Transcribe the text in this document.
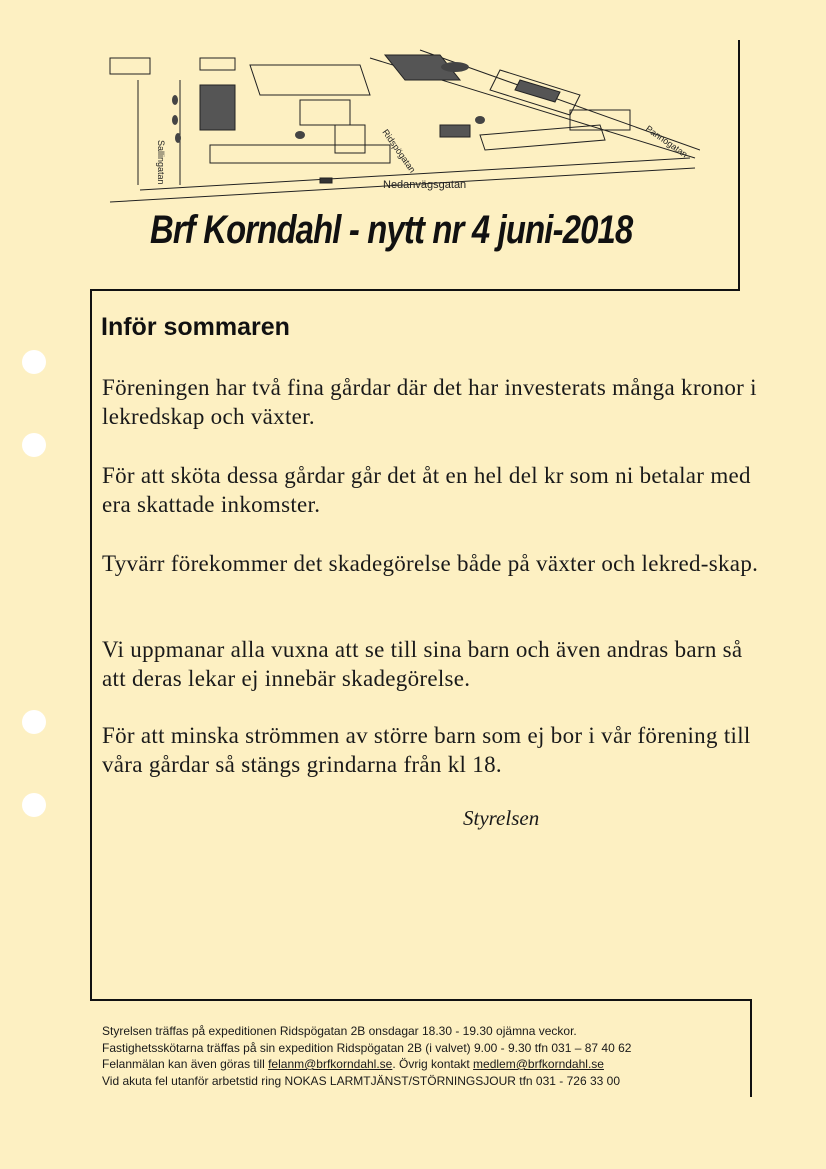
Sallingatan	Ridspögatan	Pannogatan
Nedanvägsgatan
Brf Korndahl - nytt nr 4 juni-2018
Inför sommaren

Föreningen har två fina gårdar där det har investerats många kronor i lekredskap och växter.

För att sköta dessa gårdar går det åt en hel del kr som ni betalar med era skattade inkomster.

Tyvärr förekommer det skadegörelse både på växter och lekred-skap.

Vi uppmanar alla vuxna att se till sina barn och även andras barn så att deras lekar ej innebär skadegörelse.

För att minska strömmen av större barn som ej bor i vår förening till våra gårdar så stängs grindarna från kl 18.

Styrelsen
Styrelsen träffas på expeditionen Ridspögatan 2B onsdagar 18.30 - 19.30 ojämna veckor.
Fastighetsskötarna träffas på sin expedition Ridspögatan 2B (i valvet) 9.00 - 9.30 tfn 031 – 87 40 62
Felanmälan kan även göras till felanm@brfkorndahl.se. Övrig kontakt medlem@brfkorndahl.se
Vid akuta fel utanför arbetstid ring NOKAS LARMTJÄNST/STÖRNINGSJOUR tfn 031 - 726 33 00
